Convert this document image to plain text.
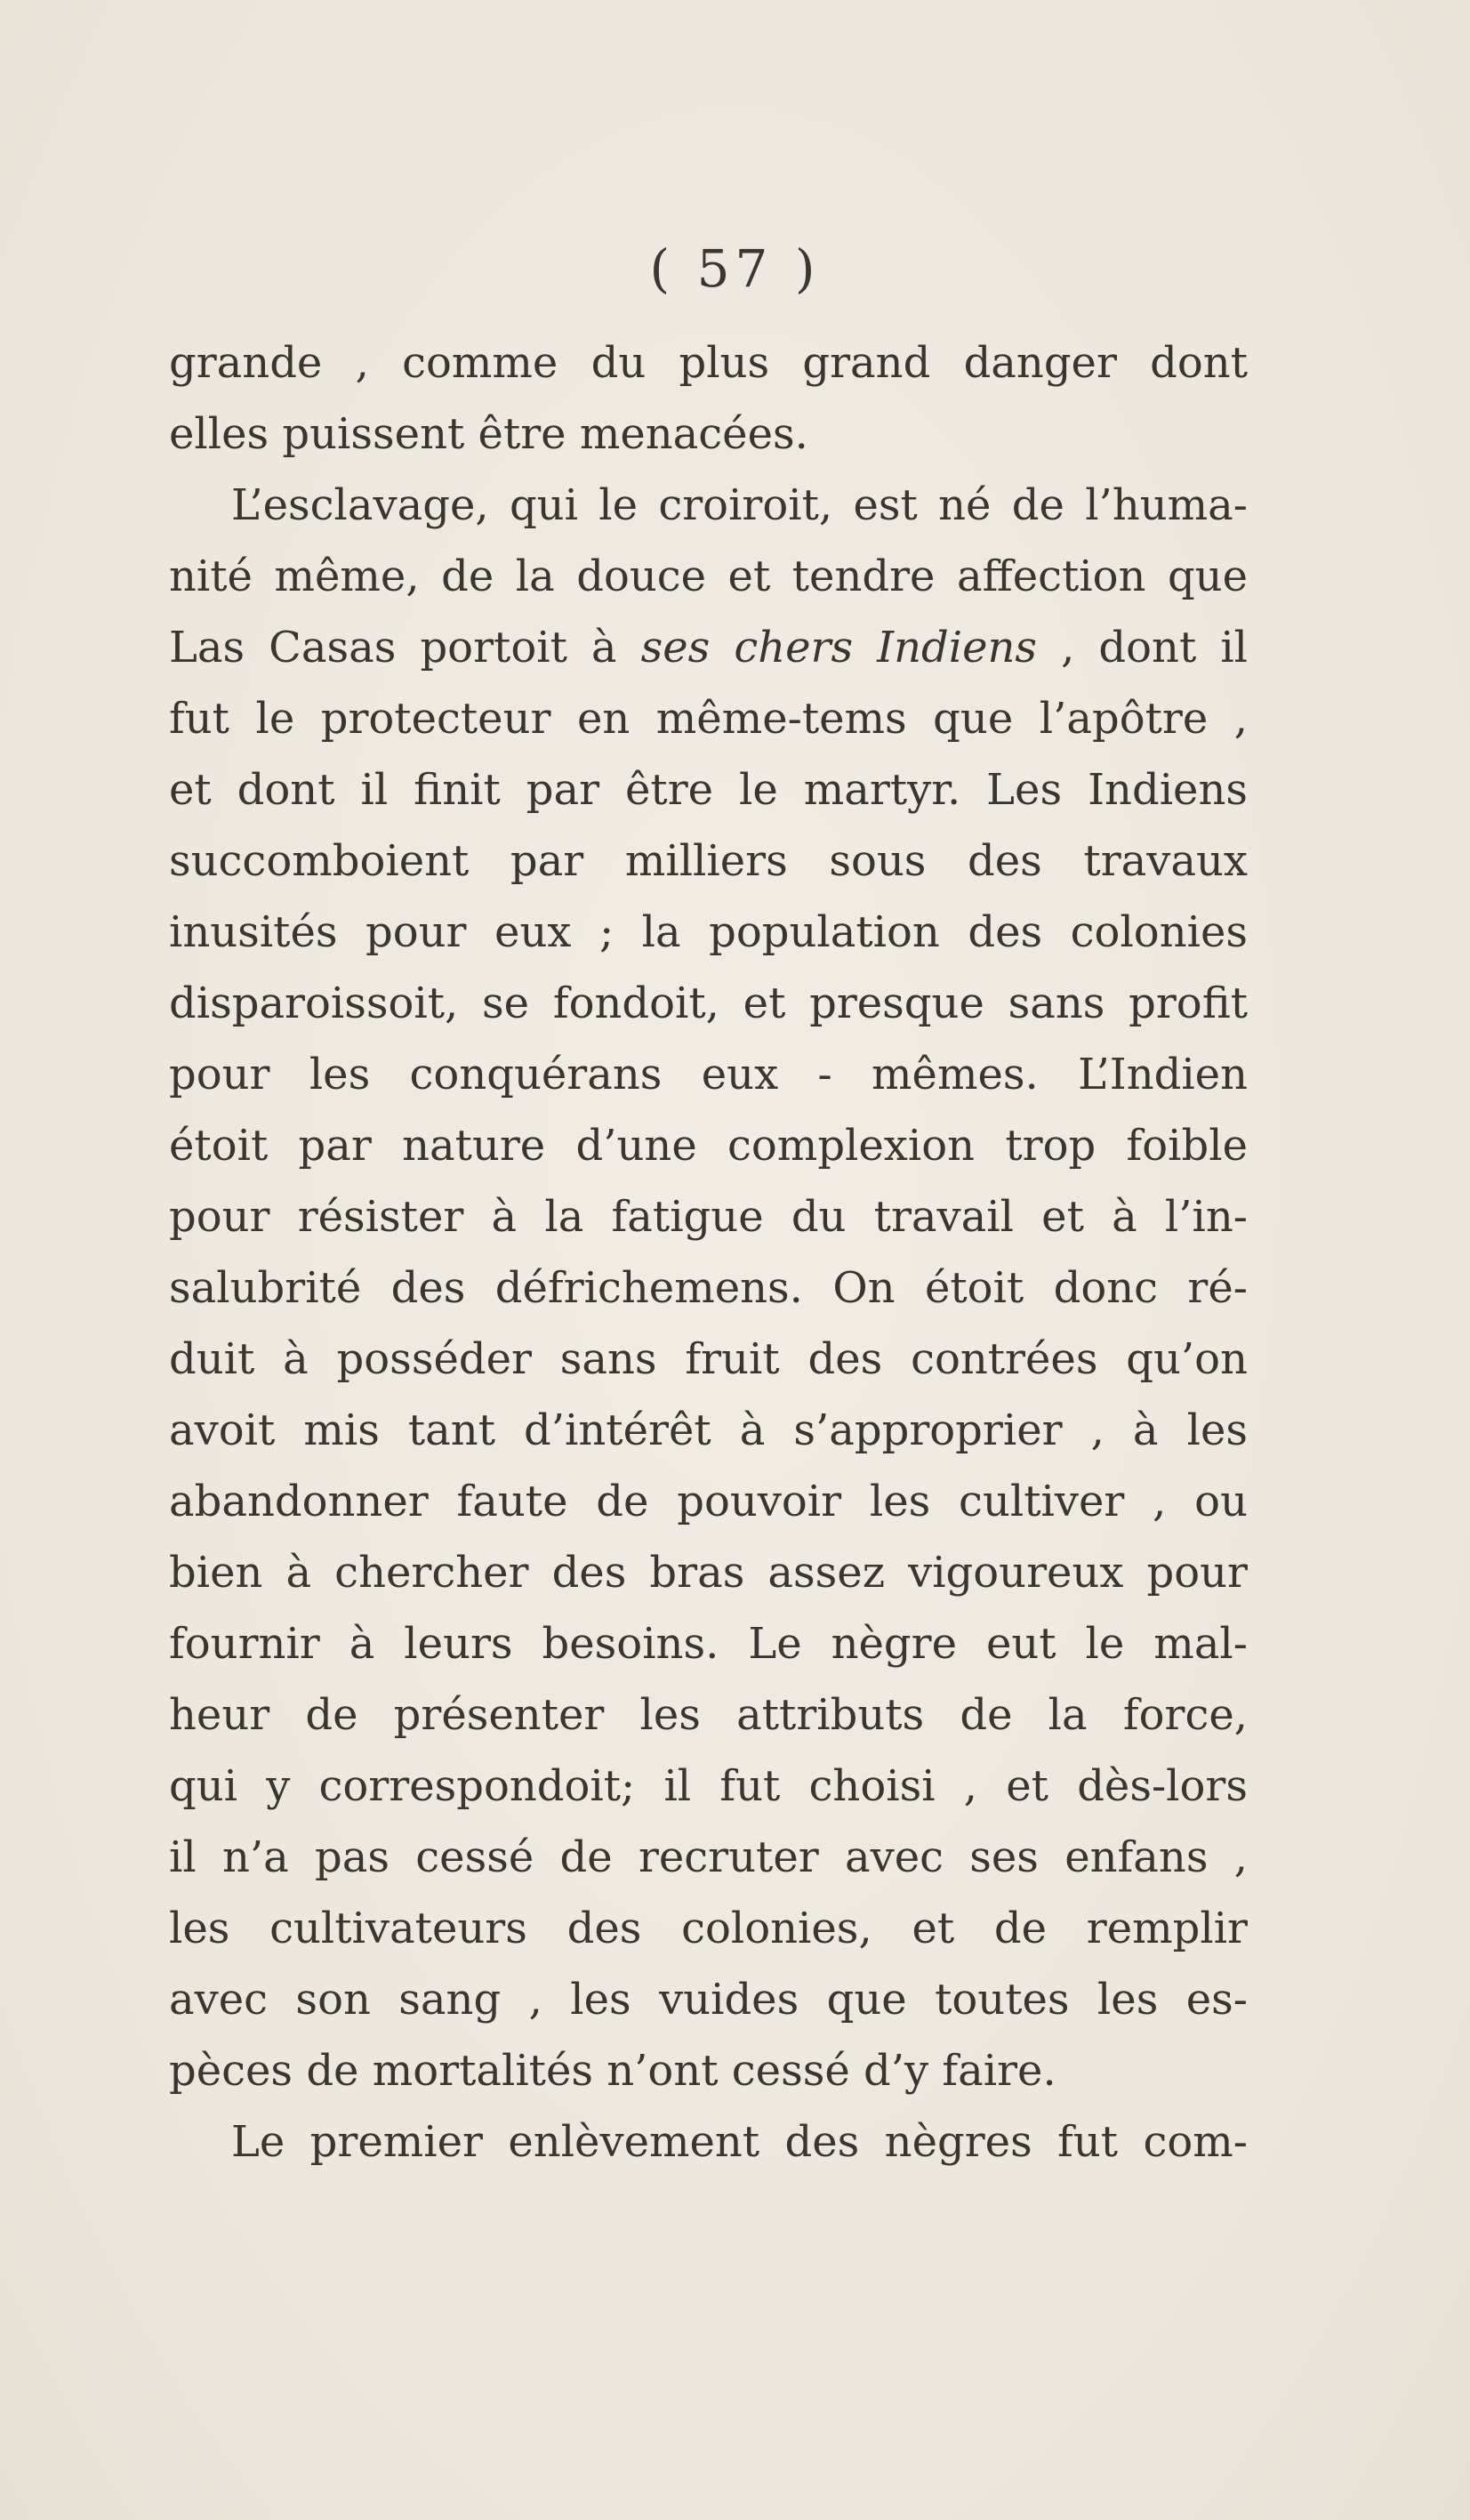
( 57 )
grande , comme du plus grand danger dont
elles puissent être menacées.
L’esclavage, qui le croiroit, est né de l’huma-
nité même, de la douce et tendre affection que
Las Casas portoit à ses chers Indiens , dont il
fut le protecteur en même-tems que l’apôtre ,
et dont il finit par être le martyr. Les Indiens
succomboient par milliers sous des travaux
inusités pour eux ; la population des colonies
disparoissoit, se fondoit, et presque sans profit
pour les conquérans eux - mêmes. L’Indien
étoit par nature d’une complexion trop foible
pour résister à la fatigue du travail et à l’in-
salubrité des défrichemens. On étoit donc ré-
duit à posséder sans fruit des contrées qu’on
avoit mis tant d’intérêt à s’approprier , à les
abandonner faute de pouvoir les cultiver , ou
bien à chercher des bras assez vigoureux pour
fournir à leurs besoins. Le nègre eut le mal-
heur de présenter les attributs de la force,
qui y correspondoit; il fut choisi , et dès-lors
il n’a pas cessé de recruter avec ses enfans ,
les cultivateurs des colonies, et de remplir
avec son sang , les vuides que toutes les es-
pèces de mortalités n’ont cessé d’y faire.
Le premier enlèvement des nègres fut com-
